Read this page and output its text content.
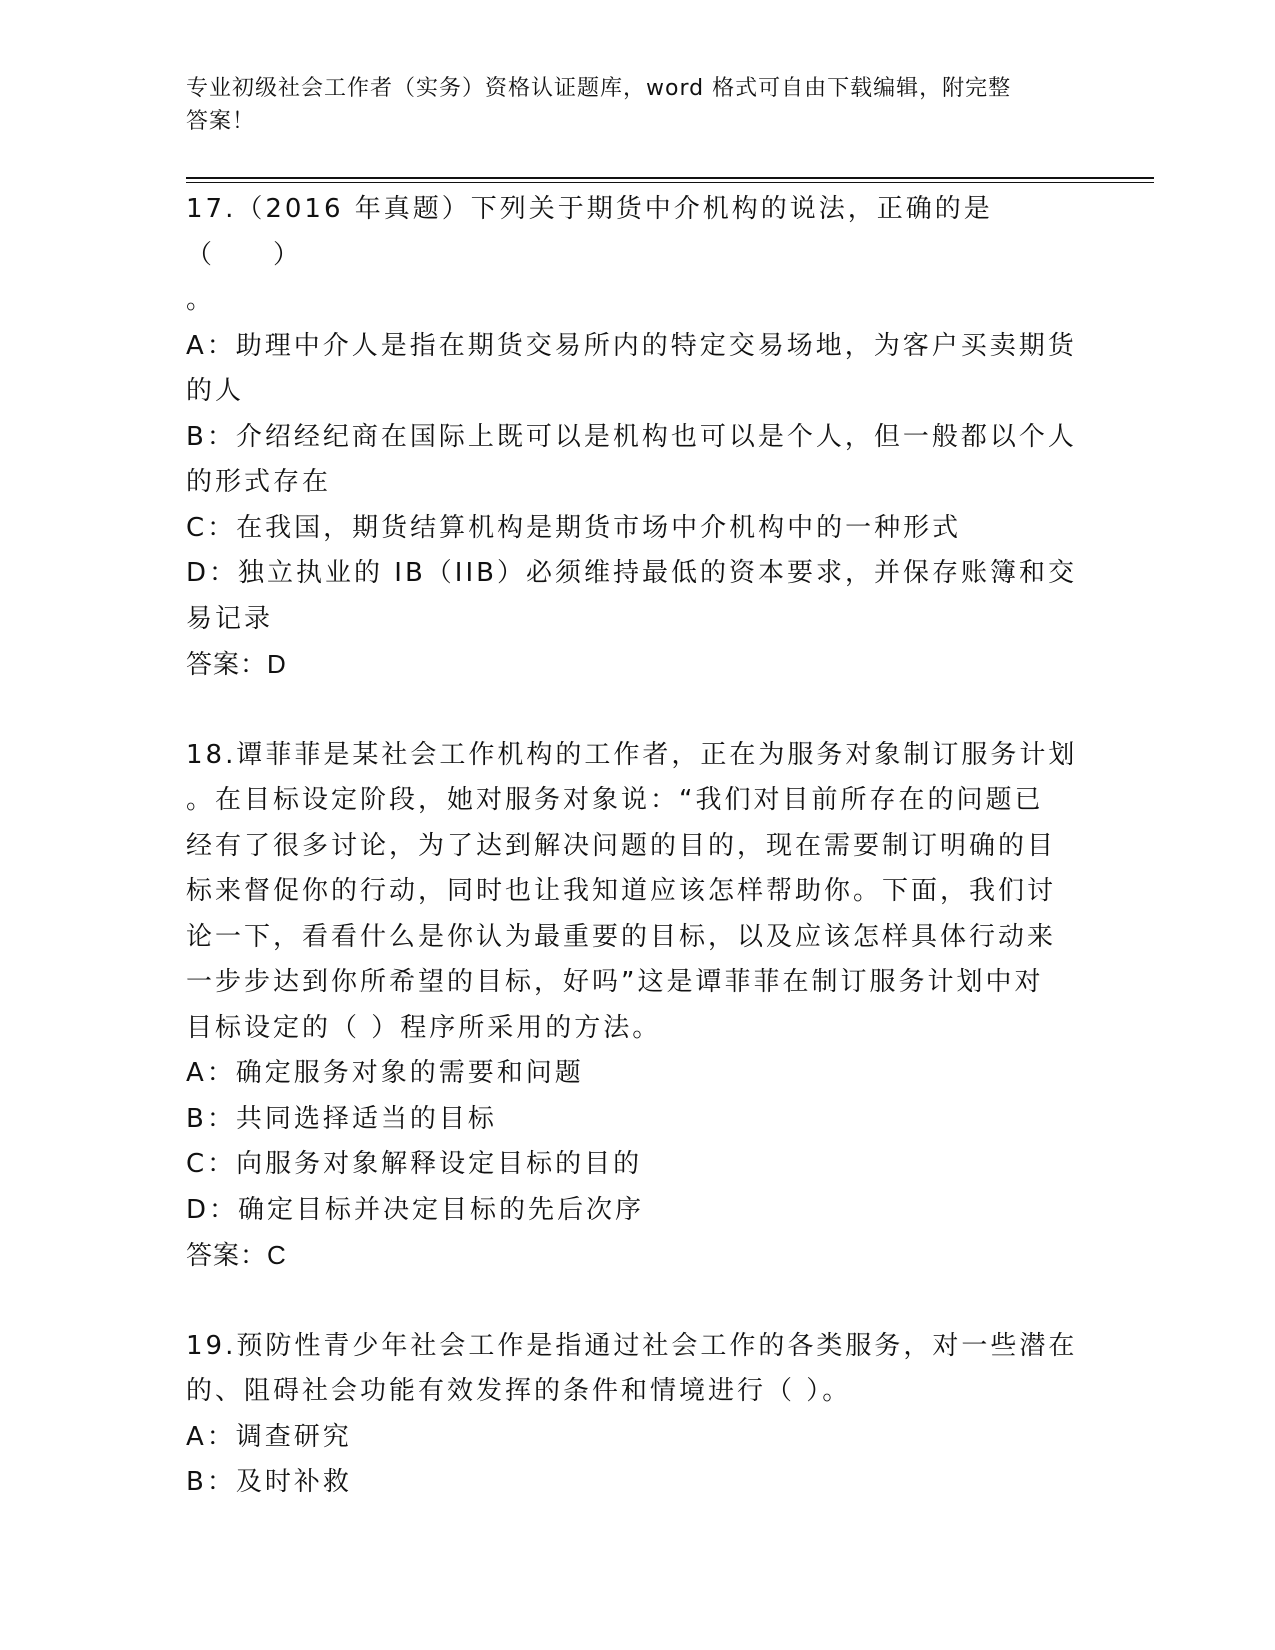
专业初级社会工作者（实务）资格认证题库，word 格式可自由下载编辑，附完整
答案！

17.（2016 年真题）下列关于期货中介机构的说法，正确的是（　　）

。

A：助理中介人是指在期货交易所内的特定交易场地，为客户买卖期货

的人

B：介绍经纪商在国际上既可以是机构也可以是个人，但一般都以个人

的形式存在

C：在我国，期货结算机构是期货市场中介机构中的一种形式

D：独立执业的 IB（IIB）必须维持最低的资本要求，并保存账簿和交

易记录

答案：D

18.谭菲菲是某社会工作机构的工作者，正在为服务对象制订服务计划

。在目标设定阶段，她对服务对象说：“我们对目前所存在的问题已

经有了很多讨论，为了达到解决问题的目的，现在需要制订明确的目

标来督促你的行动，同时也让我知道应该怎样帮助你。下面，我们讨

论一下，看看什么是你认为最重要的目标，以及应该怎样具体行动来

一步步达到你所希望的目标，好吗”这是谭菲菲在制订服务计划中对

目标设定的（ ）程序所采用的方法。

A：确定服务对象的需要和问题

B：共同选择适当的目标

C：向服务对象解释设定目标的目的

D：确定目标并决定目标的先后次序

答案：C

19.预防性青少年社会工作是指通过社会工作的各类服务，对一些潜在

的、阻碍社会功能有效发挥的条件和情境进行（ ）。

A：调查研究

B：及时补救
